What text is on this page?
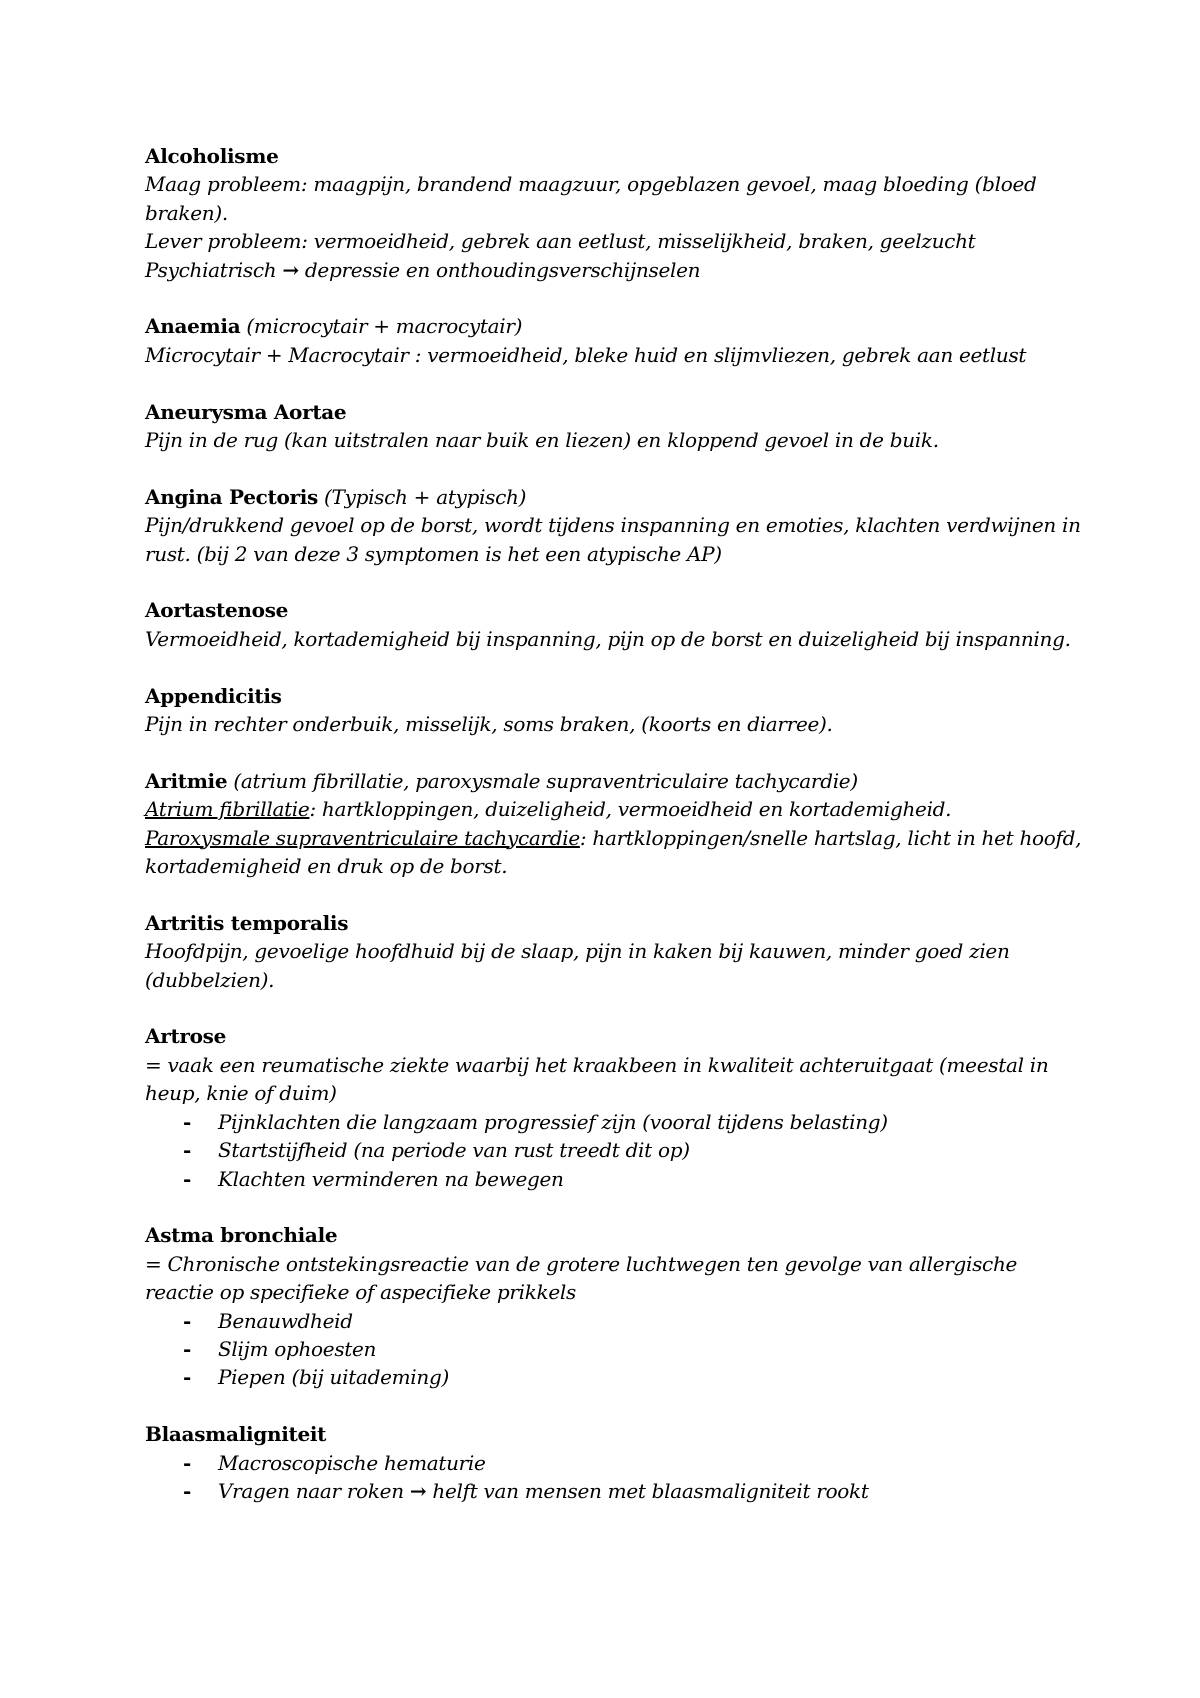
Alcoholisme
Maag probleem: maagpijn, brandend maagzuur, opgeblazen gevoel, maag bloeding (bloed braken).
Lever probleem: vermoeidheid, gebrek aan eetlust, misselijkheid, braken, geelzucht
Psychiatrisch → depressie en onthoudingsverschijnselen
Anaemia (microcytair + macrocytair)
Microcytair + Macrocytair : vermoeidheid, bleke huid en slijmvliezen, gebrek aan eetlust
Aneurysma Aortae
Pijn in de rug (kan uitstralen naar buik en liezen) en kloppend gevoel in de buik.
Angina Pectoris (Typisch + atypisch)
Pijn/drukkend gevoel op de borst, wordt tijdens inspanning en emoties, klachten verdwijnen in rust. (bij 2 van deze 3 symptomen is het een atypische AP)
Aortastenose
Vermoeidheid, kortademigheid bij inspanning, pijn op de borst en duizeligheid bij inspanning.
Appendicitis
Pijn in rechter onderbuik, misselijk, soms braken, (koorts en diarree).
Aritmie (atrium fibrillatie, paroxysmale supraventriculaire tachycardie)
Atrium fibrillatie: hartkloppingen, duizeligheid, vermoeidheid en kortademigheid.
Paroxysmale supraventriculaire tachycardie: hartkloppingen/snelle hartslag, licht in het hoofd, kortademigheid en druk op de borst.
Artritis temporalis
Hoofdpijn, gevoelige hoofdhuid bij de slaap, pijn in kaken bij kauwen, minder goed zien (dubbelzien).
Artrose
= vaak een reumatische ziekte waarbij het kraakbeen in kwaliteit achteruitgaat (meestal in heup, knie of duim)
- Pijnklachten die langzaam progressief zijn (vooral tijdens belasting)
- Startstijfheid (na periode van rust treedt dit op)
- Klachten verminderen na bewegen
Astma bronchiale
= Chronische ontstekingsreactie van de grotere luchtwegen ten gevolge van allergische reactie op specifieke of aspecifieke prikkels
- Benauwdheid
- Slijm ophoesten
- Piepen (bij uitademing)
Blaasmaligniteit
- Macroscopische hematurie
- Vragen naar roken → helft van mensen met blaasmaligniteit rookt
